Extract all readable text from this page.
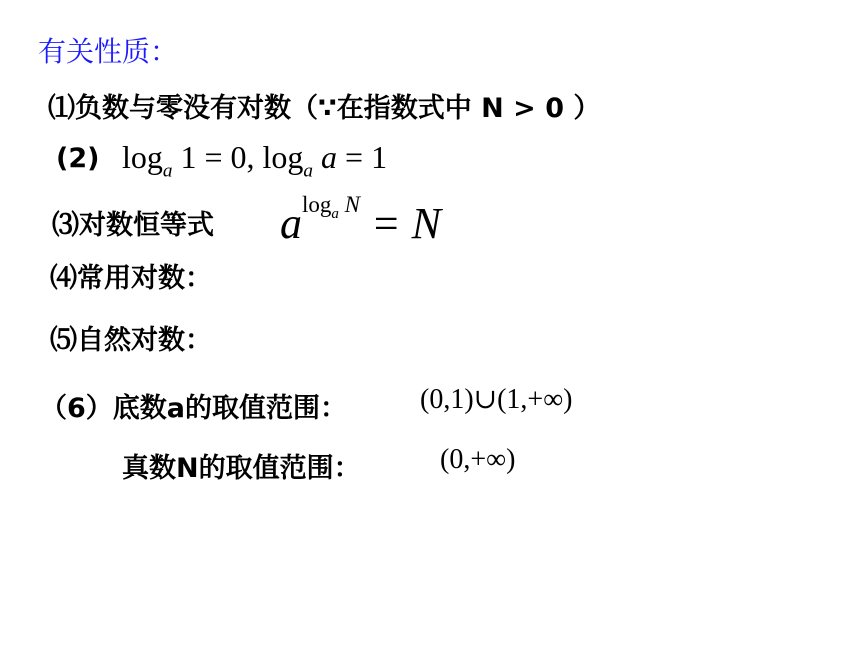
有关性质：
⑴负数与零没有对数（∵在指数式中 N > 0 ）
(2) $\log_a 1 = 0$, $\log_a a = 1$
⑶对数恒等式 alog$_a$ N = N
⑷常用对数：
⑸自然对数：
（6）底数a的取值范围：	(0,1)∪(1,+∞)
真数N的取值范围：	(0,+∞)
